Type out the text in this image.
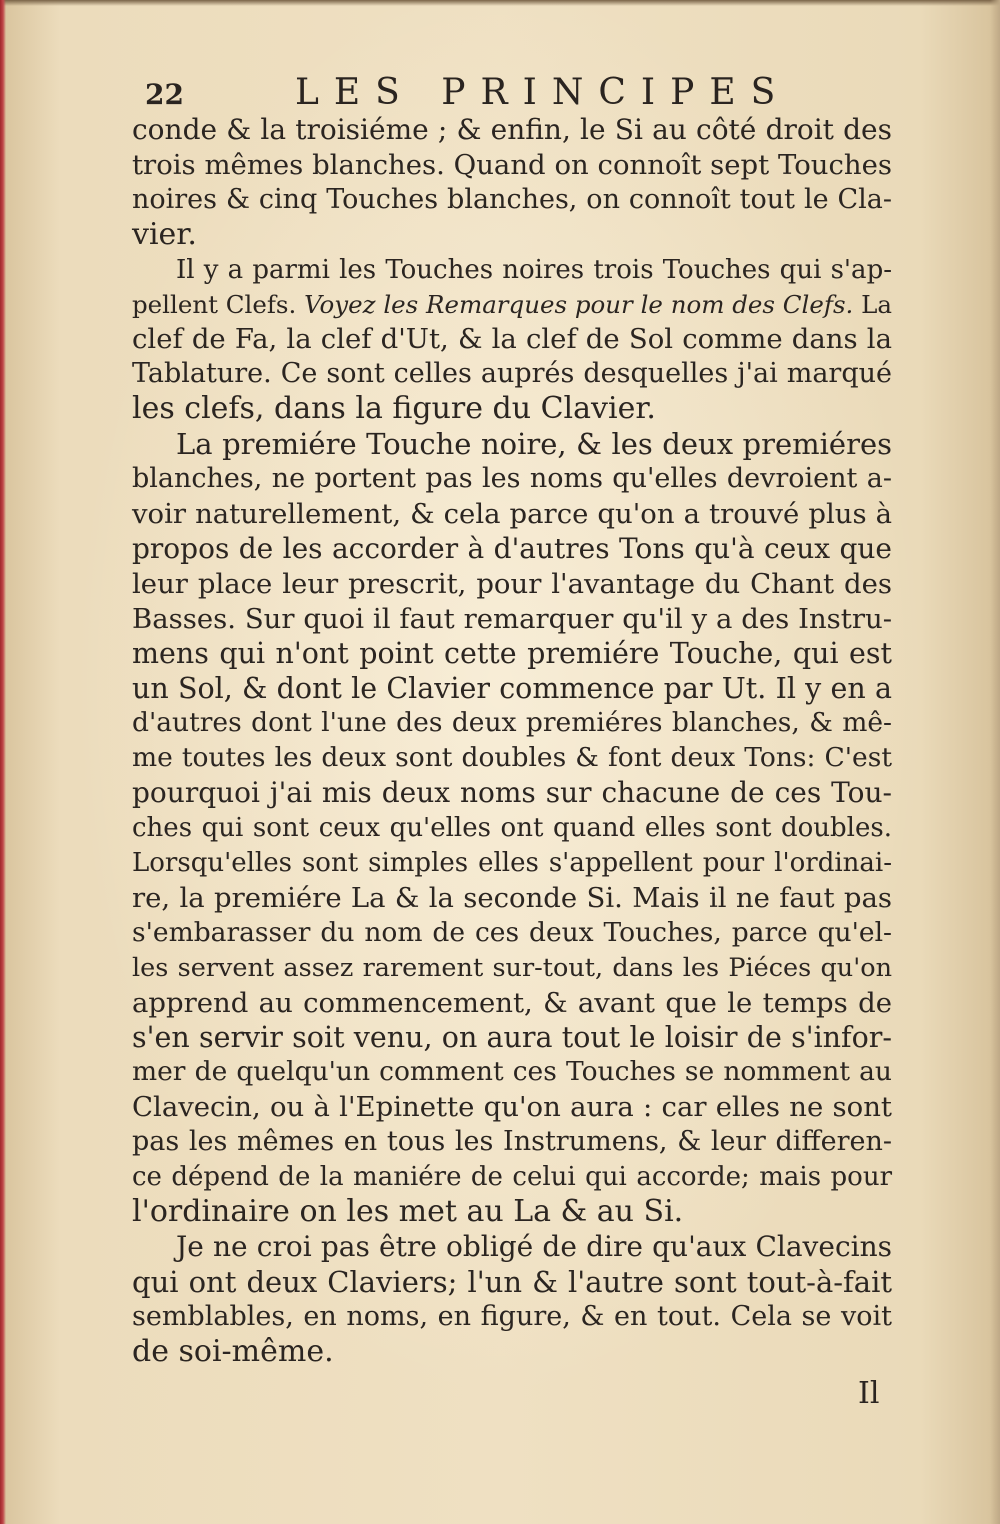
22	LES PRINCIPES
conde & la troisiéme ; & enfin, le Si au côté droit des
trois mêmes blanches. Quand on connoît sept Touches
noires & cinq Touches blanches, on connoît tout le Cla-
vier.
Il y a parmi les Touches noires trois Touches qui s'ap-
pellent Clefs. Voyez les Remarques pour le nom des Clefs. La
clef de Fa, la clef d'Ut, & la clef de Sol comme dans la
Tablature. Ce sont celles auprés desquelles j'ai marqué
les clefs, dans la figure du Clavier.
La premiére Touche noire, & les deux premiéres
blanches, ne portent pas les noms qu'elles devroient a-
voir naturellement, & cela parce qu'on a trouvé plus à
propos de les accorder à d'autres Tons qu'à ceux que
leur place leur prescrit, pour l'avantage du Chant des
Basses. Sur quoi il faut remarquer qu'il y a des Instru-
mens qui n'ont point cette premiére Touche, qui est
un Sol, & dont le Clavier commence par Ut. Il y en a
d'autres dont l'une des deux premiéres blanches, & mê-
me toutes les deux sont doubles & font deux Tons: C'est
pourquoi j'ai mis deux noms sur chacune de ces Tou-
ches qui sont ceux qu'elles ont quand elles sont doubles.
Lorsqu'elles sont simples elles s'appellent pour l'ordinai-
re, la premiére La & la seconde Si. Mais il ne faut pas
s'embarasser du nom de ces deux Touches, parce qu'el-
les servent assez rarement sur-tout, dans les Piéces qu'on
apprend au commencement, & avant que le temps de
s'en servir soit venu, on aura tout le loisir de s'infor-
mer de quelqu'un comment ces Touches se nomment au
Clavecin, ou à l'Epinette qu'on aura : car elles ne sont
pas les mêmes en tous les Instrumens, & leur differen-
ce dépend de la maniére de celui qui accorde; mais pour
l'ordinaire on les met au La & au Si.
Je ne croi pas être obligé de dire qu'aux Clavecins
qui ont deux Claviers; l'un & l'autre sont tout-à-fait
semblables, en noms, en figure, & en tout. Cela se voit
de soi-même.
Il
